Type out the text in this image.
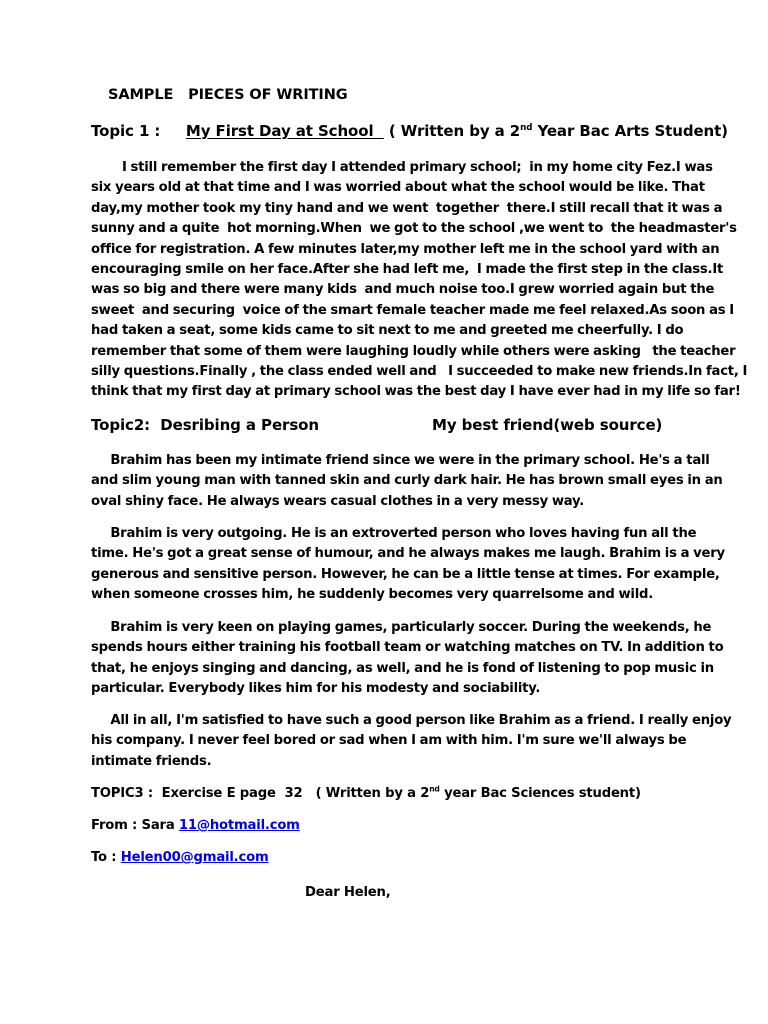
SAMPLE   PIECES OF WRITING
Topic 1 :     My First Day at School   ( Written by a 2nd Year Bac Arts Student)
I still remember the first day I attended primary school;  in my home city Fez.I was
six years old at that time and I was worried about what the school would be like. That
day,my mother took my tiny hand and we went  together  there.I still recall that it was a
sunny and a quite  hot morning.When  we got to the school ,we went to  the headmaster's
office for registration. A few minutes later,my mother left me in the school yard with an
encouraging smile on her face.After she had left me,  I made the first step in the class.It
was so big and there were many kids  and much noise too.I grew worried again but the
sweet  and securing  voice of the smart female teacher made me feel relaxed.As soon as I
had taken a seat, some kids came to sit next to me and greeted me cheerfully. I do
remember that some of them were laughing loudly while others were asking   the teacher
silly questions.Finally , the class ended well and   I succeeded to make new friends.In fact, I
think that my first day at primary school was the best day I have ever had in my life so far!
Topic2:  Desribing a Person	My best friend(web source)
Brahim has been my intimate friend since we were in the primary school. He's a tall
and slim young man with tanned skin and curly dark hair. He has brown small eyes in an
oval shiny face. He always wears casual clothes in a very messy way.
Brahim is very outgoing. He is an extroverted person who loves having fun all the
time. He's got a great sense of humour, and he always makes me laugh. Brahim is a very
generous and sensitive person. However, he can be a little tense at times. For example,
when someone crosses him, he suddenly becomes very quarrelsome and wild.
Brahim is very keen on playing games, particularly soccer. During the weekends, he
spends hours either training his football team or watching matches on TV. In addition to
that, he enjoys singing and dancing, as well, and he is fond of listening to pop music in
particular. Everybody likes him for his modesty and sociability.
All in all, I'm satisfied to have such a good person like Brahim as a friend. I really enjoy
his company. I never feel bored or sad when I am with him. I'm sure we'll always be
intimate friends.
TOPIC3 :  Exercise E page  32   ( Written by a 2nd year Bac Sciences student)
From : Sara 11@hotmail.com
To : Helen00@gmail.com
Dear Helen,
